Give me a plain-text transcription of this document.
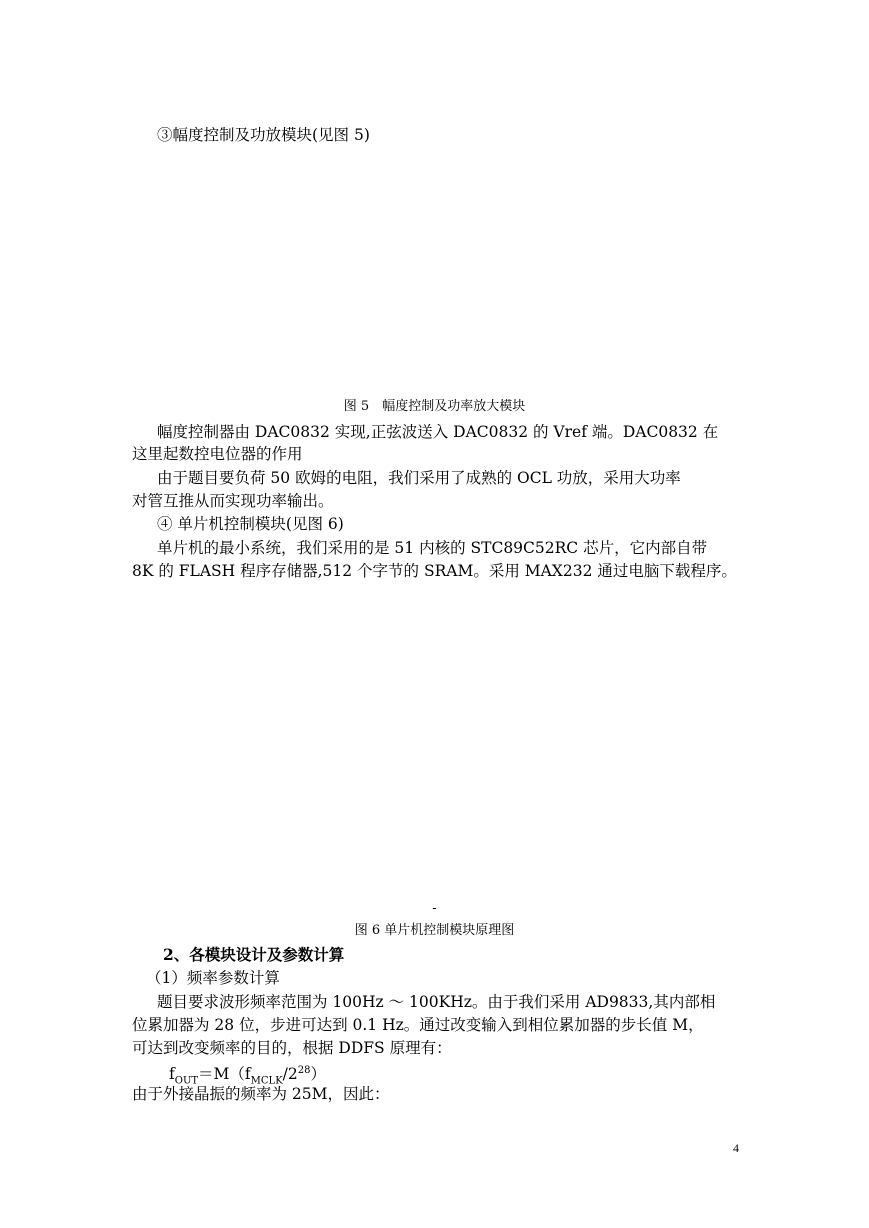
③幅度控制及功放模块(见图 5)
图 5　幅度控制及功率放大模块
幅度控制器由 DAC0832 实现,正弦波送入 DAC0832 的 Vref 端。DAC0832 在
这里起数控电位器的作用
由于题目要负荷 50 欧姆的电阻，我们采用了成熟的 OCL 功放，采用大功率
对管互推从而实现功率输出。
④ 单片机控制模块(见图 6)
单片机的最小系统，我们采用的是 51 内核的 STC89C52RC 芯片，它内部自带
8K 的 FLASH 程序存储器,512 个字节的 SRAM。采用 MAX232 通过电脑下载程序。
-
图 6 单片机控制模块原理图
2、各模块设计及参数计算
（1）频率参数计算
题目要求波形频率范围为 100Hz ～ 100KHz。由于我们采用 AD9833,其内部相
位累加器为 28 位，步进可达到 0.1 Hz。通过改变输入到相位累加器的步长值 M，
可达到改变频率的目的，根据 DDFS 原理有：
$f_{OUT}=M(f_{MCLK}/2^{28})$
由于外接晶振的频率为 25M，因此：
4
